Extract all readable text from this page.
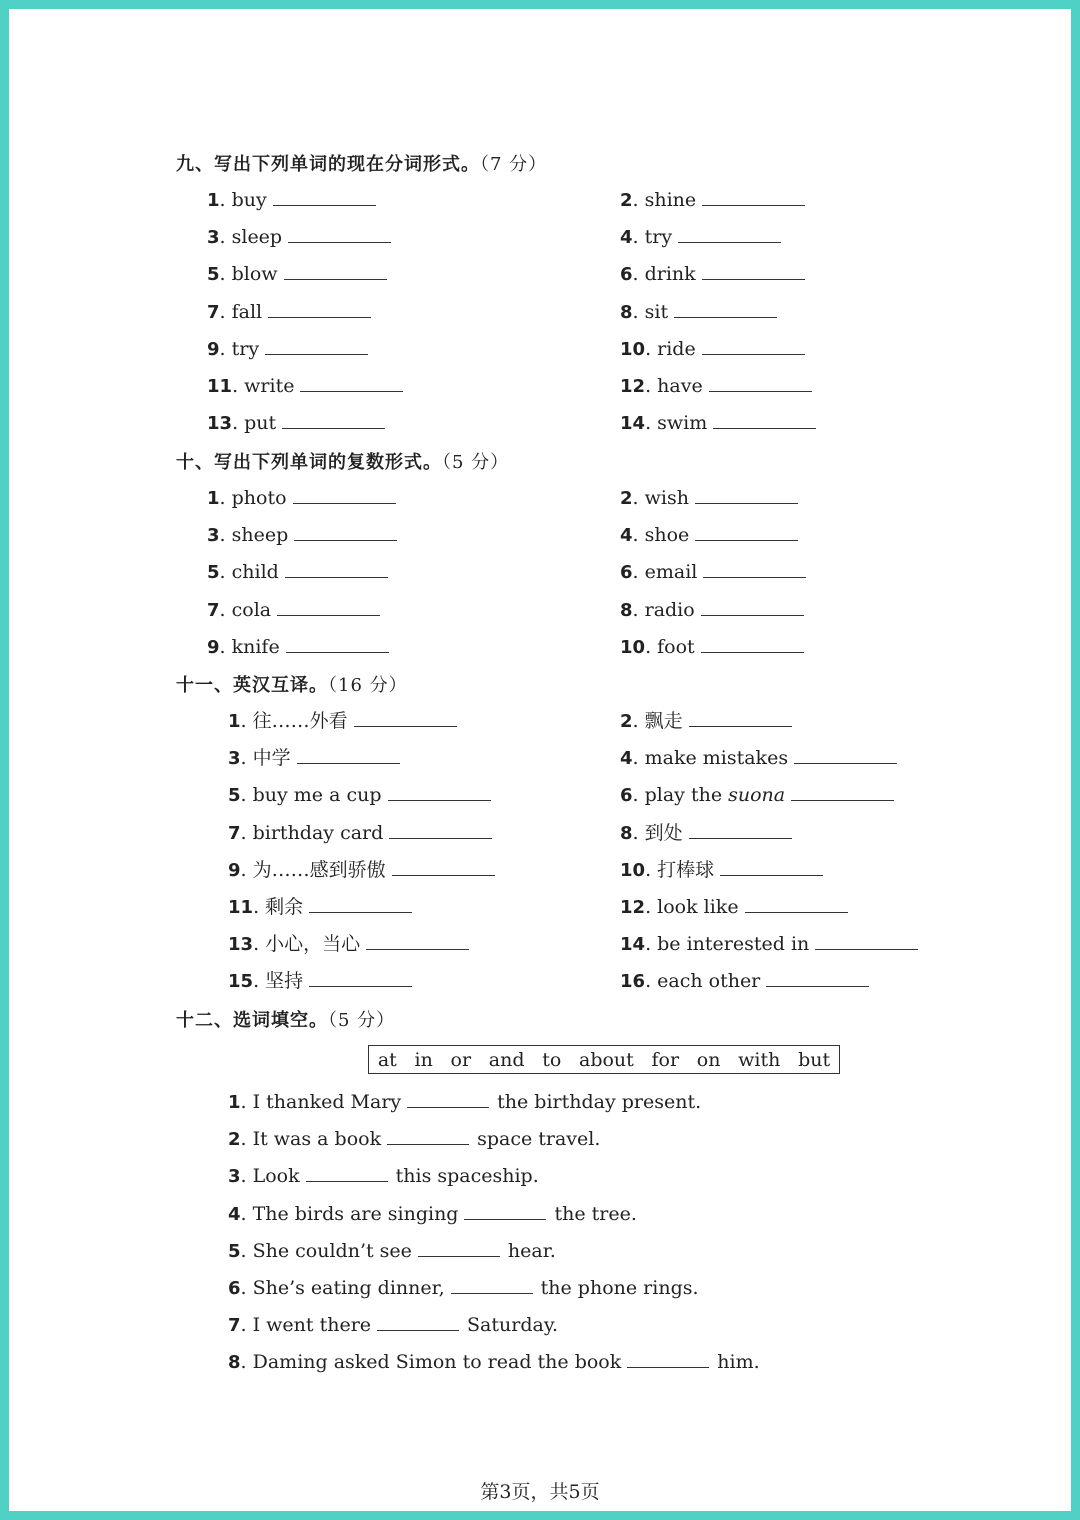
九、写出下列单词的现在分词形式。（7 分）
1. buy	2. shine
3. sleep	4. try
5. blow	6. drink
7. fall	8. sit
9. try	10. ride
11. write	12. have
13. put	14. swim
十、写出下列单词的复数形式。（5 分）
1. photo	2. wish
3. sheep	4. shoe
5. child	6. email
7. cola	8. radio
9. knife	10. foot
十一、英汉互译。（16 分）
1. 往……外看	2. 飘走
3. 中学	4. make mistakes
5. buy me a cup	6. play the suona
7. birthday card	8. 到处
9. 为……感到骄傲	10. 打棒球
11. 剩余	12. look like
13. 小心，当心	14. be interested in
15. 坚持	16. each other
十二、选词填空。（5 分）
at in or and to about for on with but
1. I thanked Mary	the birthday present.
2. It was a book	space travel.
3. Look	this spaceship.
4. The birds are singing	the tree.
5. She couldn’t see	hear.
6. She’s eating dinner,	the phone rings.
7. I went there	Saturday.
8. Daming asked Simon to read the book	him.
第3页，共5页
